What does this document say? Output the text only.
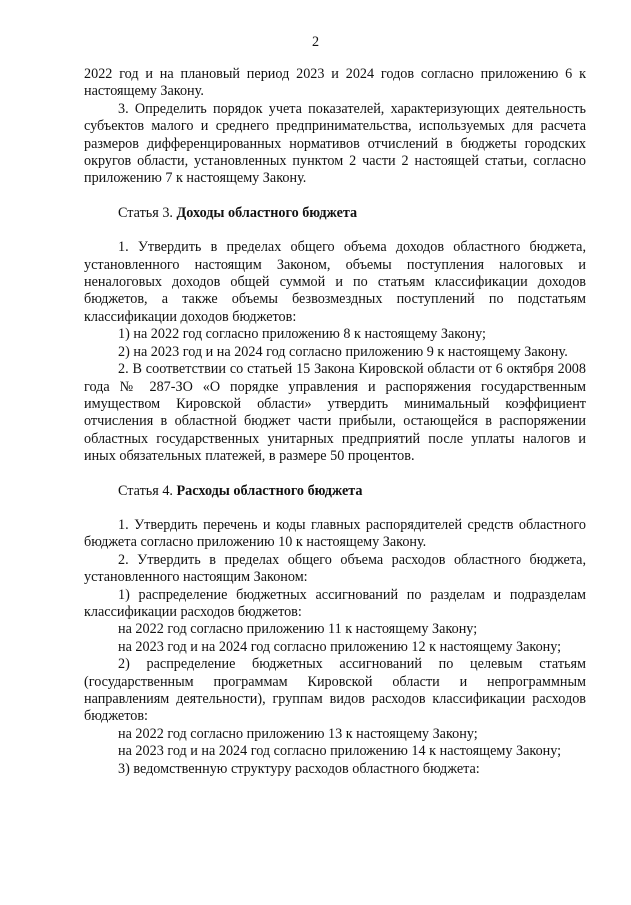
2

2022 год и на плановый период 2023 и 2024 годов согласно приложению 6 к настоящему Закону.

3. Определить порядок учета показателей, характеризующих деятельность субъектов малого и среднего предпринимательства, используемых для расчета размеров дифференцированных нормативов отчислений в бюджеты городских округов области, установленных пунктом 2 части 2 настоящей статьи, согласно приложению 7 к настоящему Закону.

Статья 3. Доходы областного бюджета

1. Утвердить в пределах общего объема доходов областного бюджета, установленного настоящим Законом, объемы поступления налоговых и неналоговых доходов общей суммой и по статьям классификации доходов бюджетов, а также объемы безвозмездных поступлений по подстатьям классификации доходов бюджетов:

1) на 2022 год согласно приложению 8 к настоящему Закону;

2) на 2023 год и на 2024 год согласно приложению 9 к настоящему Закону.

2. В соответствии со статьей 15 Закона Кировской области от 6 октября 2008 года № 287-ЗО «О порядке управления и распоряжения государственным имуществом Кировской области» утвердить минимальный коэффициент отчисления в областной бюджет части прибыли, остающейся в распоряжении областных государственных унитарных предприятий после уплаты налогов и иных обязательных платежей, в размере 50 процентов.

Статья 4. Расходы областного бюджета

1. Утвердить перечень и коды главных распорядителей средств областного бюджета согласно приложению 10 к настоящему Закону.

2. Утвердить в пределах общего объема расходов областного бюджета, установленного настоящим Законом:

1) распределение бюджетных ассигнований по разделам и подразделам классификации расходов бюджетов:

на 2022 год согласно приложению 11 к настоящему Закону;

на 2023 год и на 2024 год согласно приложению 12 к настоящему Закону;

2) распределение бюджетных ассигнований по целевым статьям (государственным программам Кировской области и непрограммным направлениям деятельности), группам видов расходов классификации расходов бюджетов:

на 2022 год согласно приложению 13 к настоящему Закону;

на 2023 год и на 2024 год согласно приложению 14 к настоящему Закону;

3) ведомственную структуру расходов областного бюджета:
